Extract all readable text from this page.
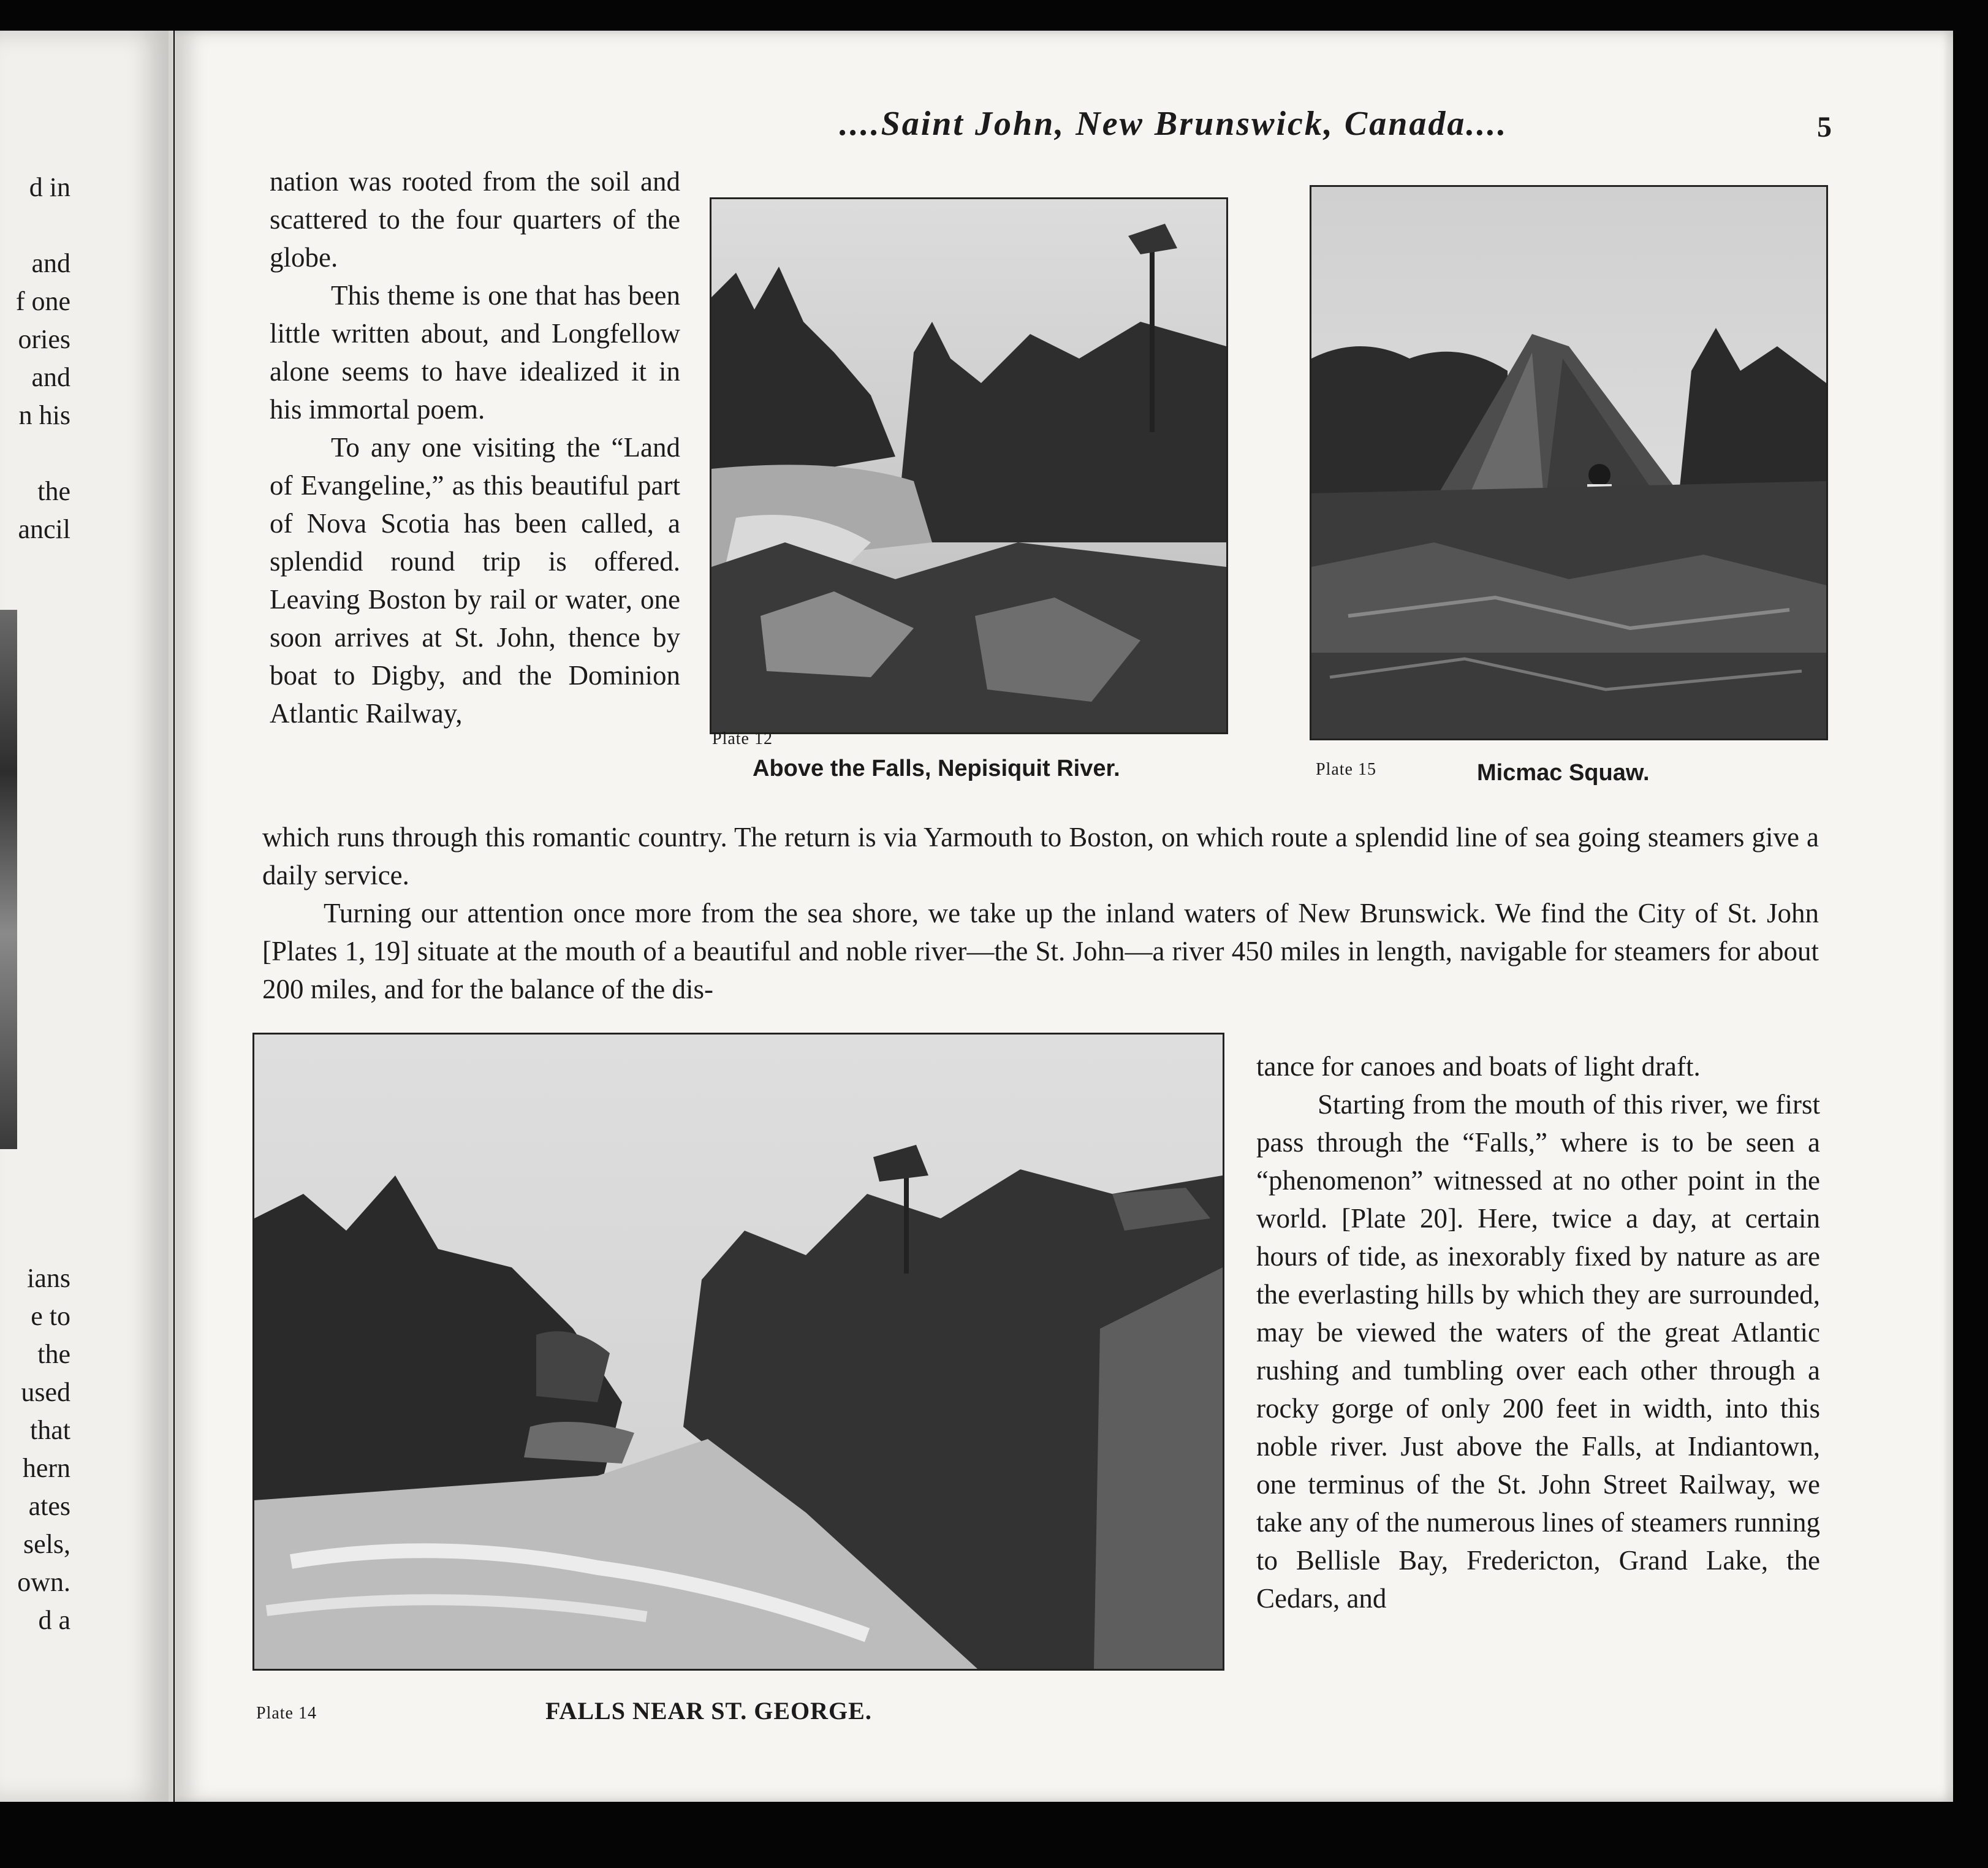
d in

and

f one

ories

and

n his

the

ancil

ians

e to

the

used

that

hern

ates

sels,

own.

d a

....Saint John, New Brunswick, Canada....	5

nation was rooted from the soil and scattered to the four quarters of the globe.

This theme is one that has been little written about, and Longfellow alone seems to have idealized it in his immortal poem.

To any one visiting the “Land of Evangeline,” as this beautiful part of Nova Scotia has been called, a splendid round trip is offered. Leaving Boston by rail or water, one soon arrives at St. John, thence by boat to Digby, and the Dominion Atlantic Railway,

Plate 12

Above the Falls, Nepisiquit River.	Plate 15	Micmac Squaw.

which runs through this romantic country. The return is via Yarmouth to Boston, on which route a splendid line of sea going steamers give a daily service.

Turning our attention once more from the sea shore, we take up the inland waters of New Brunswick. We find the City of St. John [Plates 1, 19] situate at the mouth of a beautiful and noble river—the St. John—a river 450 miles in length, navigable for steamers for about 200 miles, and for the balance of the dis-

Plate 14	FALLS NEAR ST. GEORGE.

tance for canoes and boats of light draft.

Starting from the mouth of this river, we first pass through the “Falls,” where is to be seen a “phenomenon” witnessed at no other point in the world. [Plate 20]. Here, twice a day, at certain hours of tide, as inexorably fixed by nature as are the everlasting hills by which they are surrounded, may be viewed the waters of the great Atlantic rushing and tumbling over each other through a rocky gorge of only 200 feet in width, into this noble river. Just above the Falls, at Indiantown, one terminus of the St. John Street Railway, we take any of the numerous lines of steamers running to Bellisle Bay, Fredericton, Grand Lake, the Cedars, and
